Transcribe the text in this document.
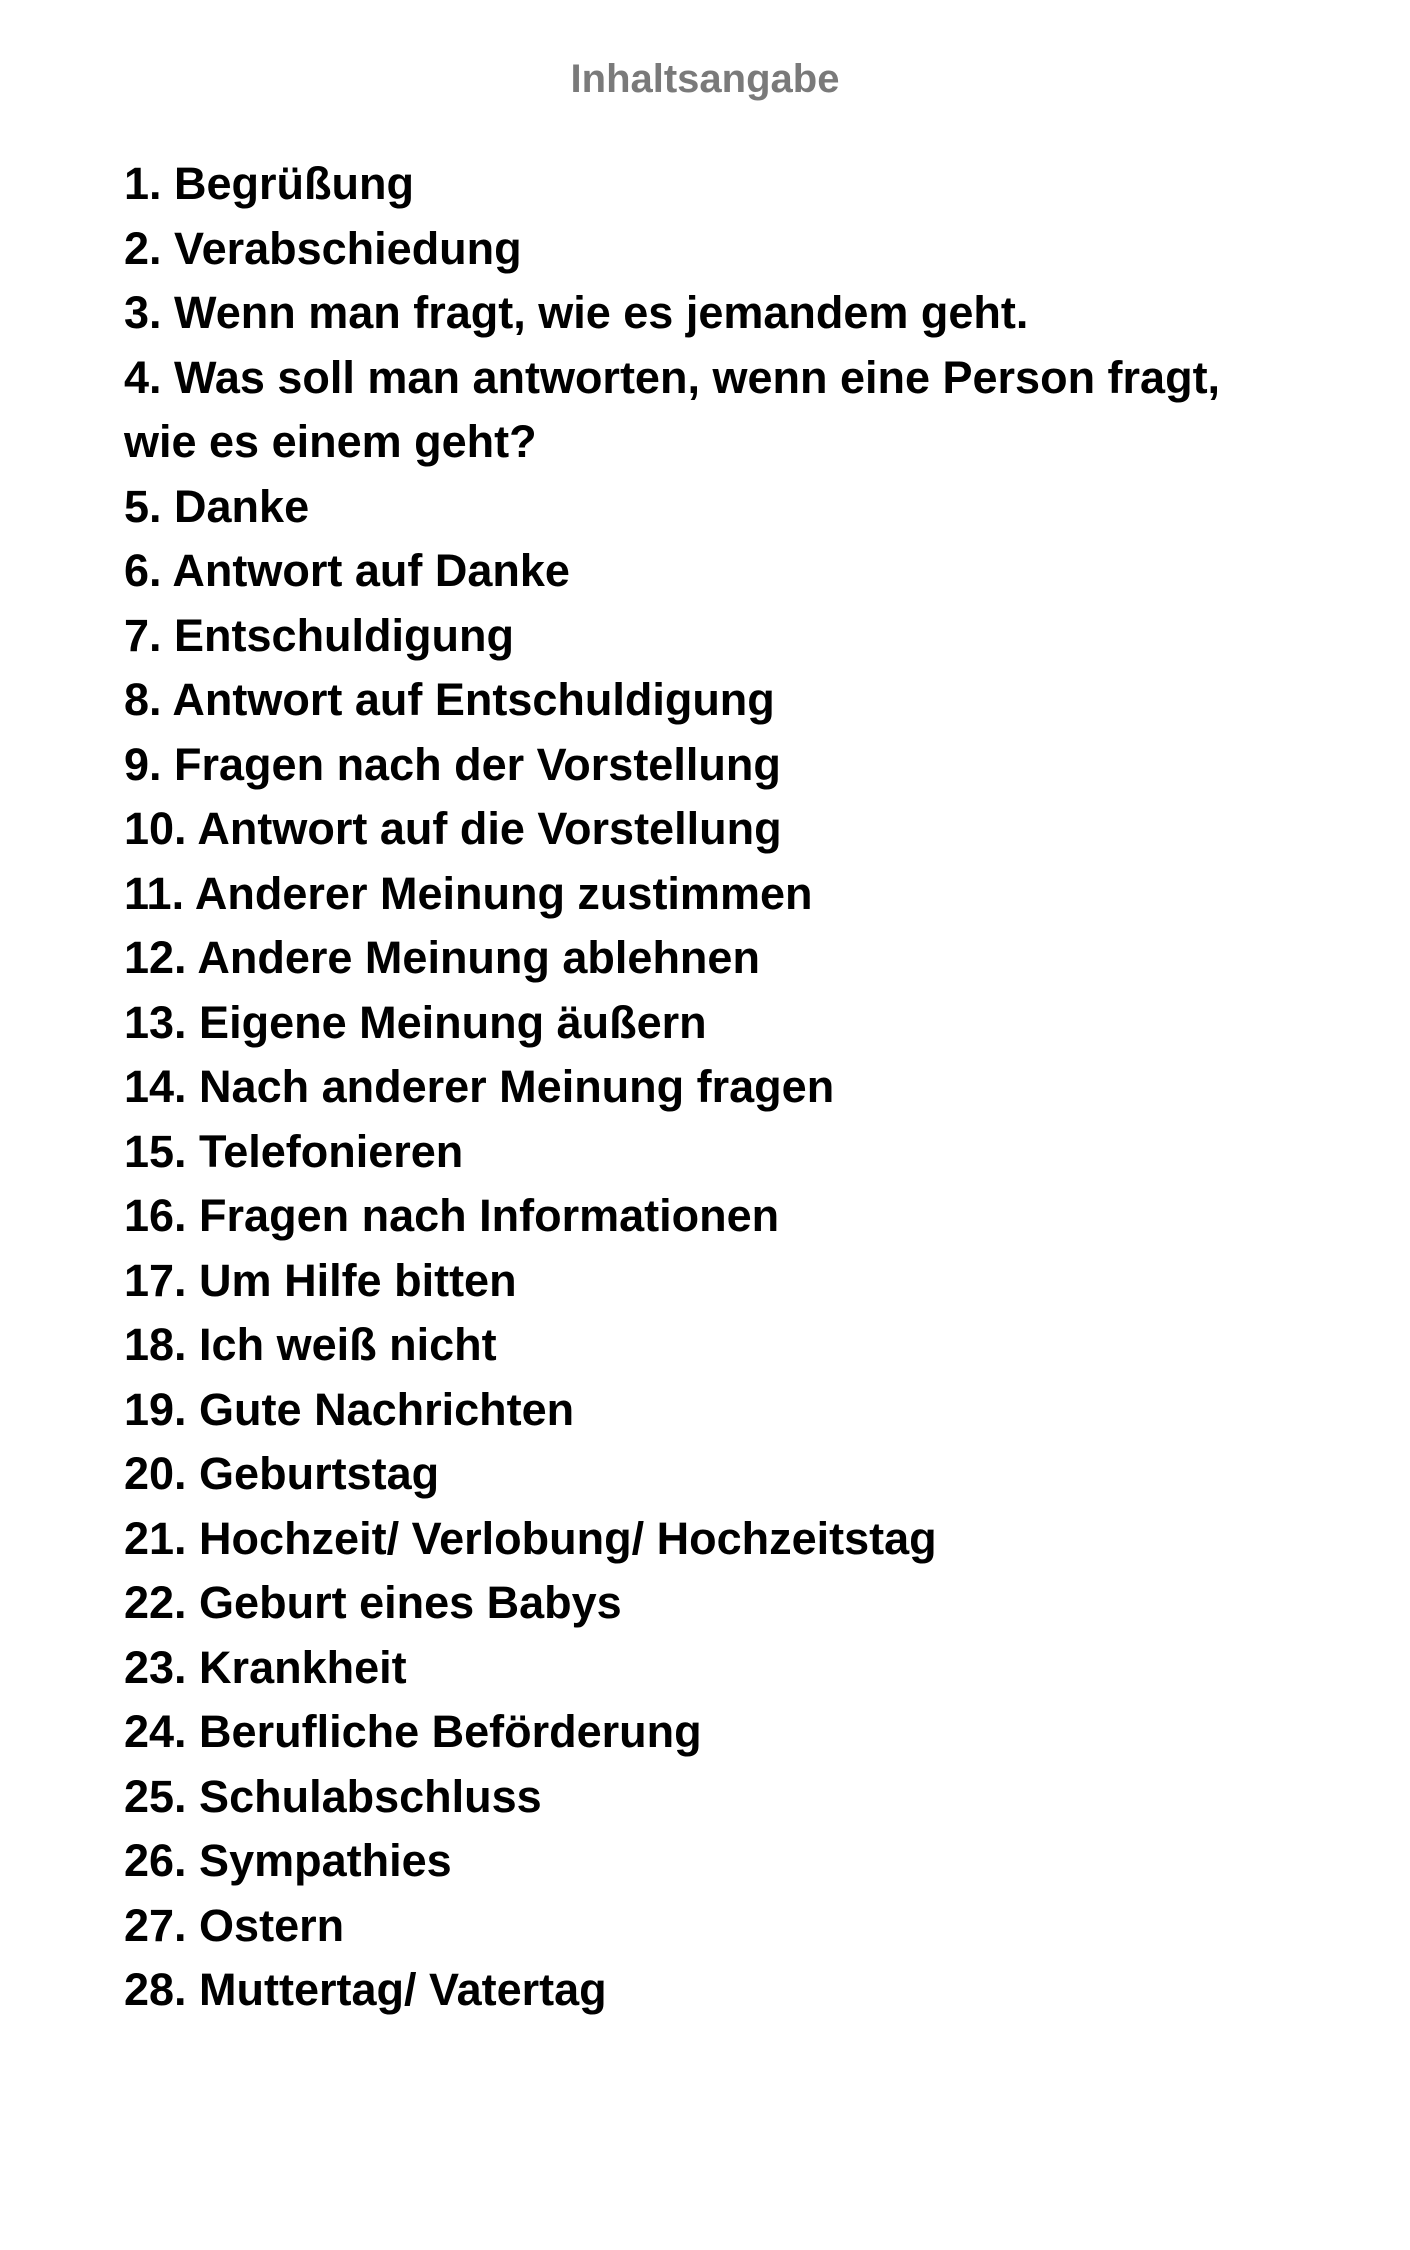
Inhaltsangabe
1. Begrüßung
2. Verabschiedung
3. Wenn man fragt, wie es jemandem geht.
4. Was soll man antworten, wenn eine Person fragt, wie es einem geht?
5. Danke
6. Antwort auf Danke
7. Entschuldigung
8. Antwort auf Entschuldigung
9. Fragen nach der Vorstellung
10. Antwort auf die Vorstellung
11. Anderer Meinung zustimmen
12. Andere Meinung ablehnen
13. Eigene Meinung äußern
14. Nach anderer Meinung fragen
15. Telefonieren
16. Fragen nach Informationen
17. Um Hilfe bitten
18. Ich weiß nicht
19. Gute Nachrichten
20. Geburtstag
21. Hochzeit/ Verlobung/ Hochzeitstag
22. Geburt eines Babys
23. Krankheit
24. Berufliche Beförderung
25. Schulabschluss
26. Sympathies
27. Ostern
28. Muttertag/ Vatertag
